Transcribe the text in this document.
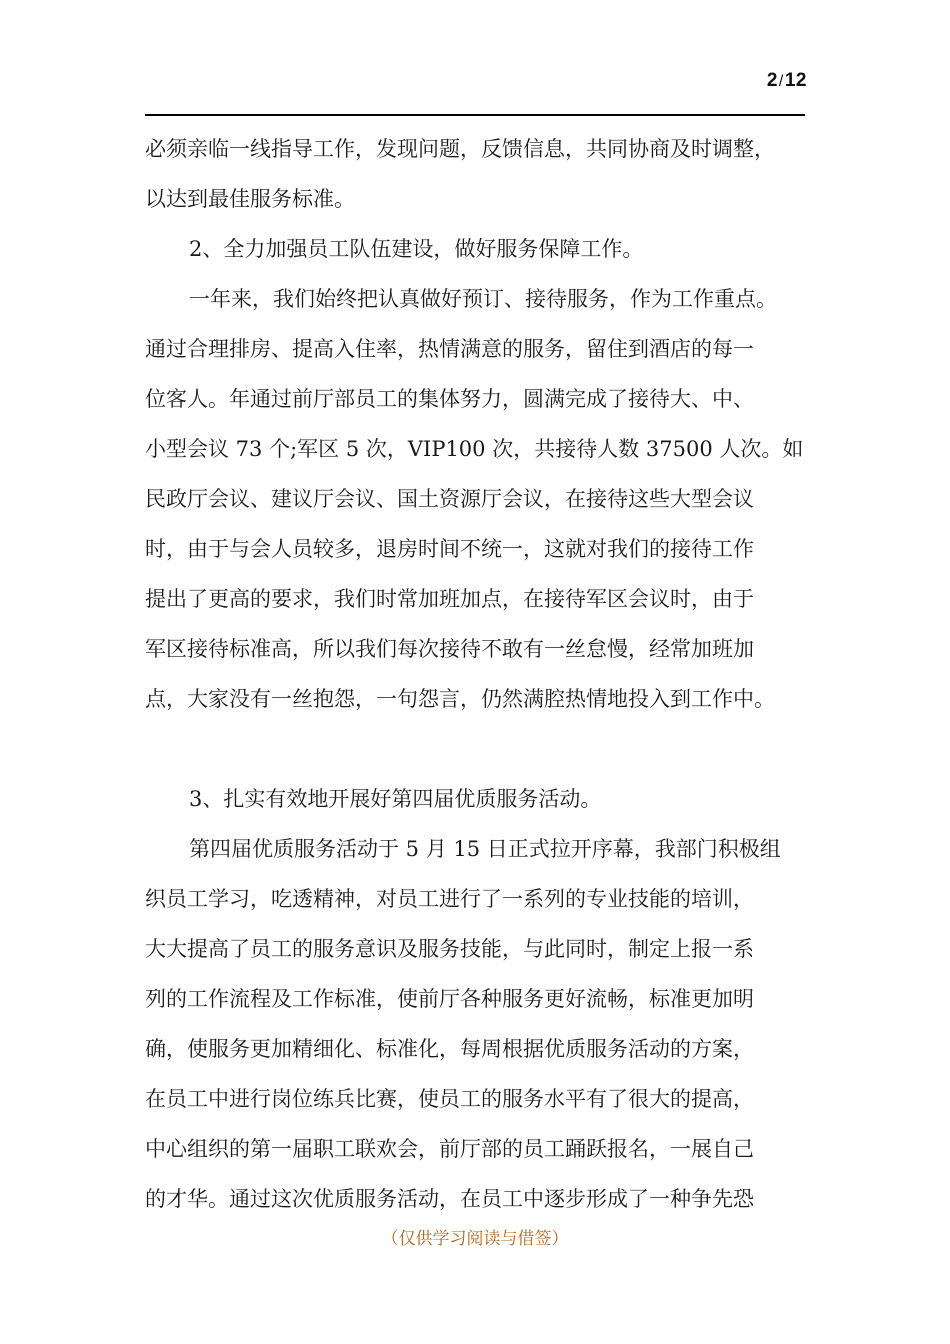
2/12
必须亲临一线指导工作，发现问题，反馈信息，共同协商及时调整，
以达到最佳服务标准。
2、全力加强员工队伍建设，做好服务保障工作。
一年来，我们始终把认真做好预订、接待服务，作为工作重点。
通过合理排房、提高入住率，热情满意的服务，留住到酒店的每一
位客人。年通过前厅部员工的集体努力，圆满完成了接待大、中、
小型会议 73 个;军区 5 次，VIP100 次，共接待人数 37500 人次。如
民政厅会议、建议厅会议、国土资源厅会议，在接待这些大型会议
时，由于与会人员较多，退房时间不统一，这就对我们的接待工作
提出了更高的要求，我们时常加班加点，在接待军区会议时，由于
军区接待标准高，所以我们每次接待不敢有一丝怠慢，经常加班加
点，大家没有一丝抱怨，一句怨言，仍然满腔热情地投入到工作中。
3、扎实有效地开展好第四届优质服务活动。
第四届优质服务活动于 5 月 15 日正式拉开序幕，我部门积极组
织员工学习，吃透精神，对员工进行了一系列的专业技能的培训，
大大提高了员工的服务意识及服务技能，与此同时，制定上报一系
列的工作流程及工作标准，使前厅各种服务更好流畅，标准更加明
确，使服务更加精细化、标准化，每周根据优质服务活动的方案，
在员工中进行岗位练兵比赛，使员工的服务水平有了很大的提高，
中心组织的第一届职工联欢会，前厅部的员工踊跃报名，一展自己
的才华。通过这次优质服务活动，在员工中逐步形成了一种争先恐
（仅供学习阅读与借签）
